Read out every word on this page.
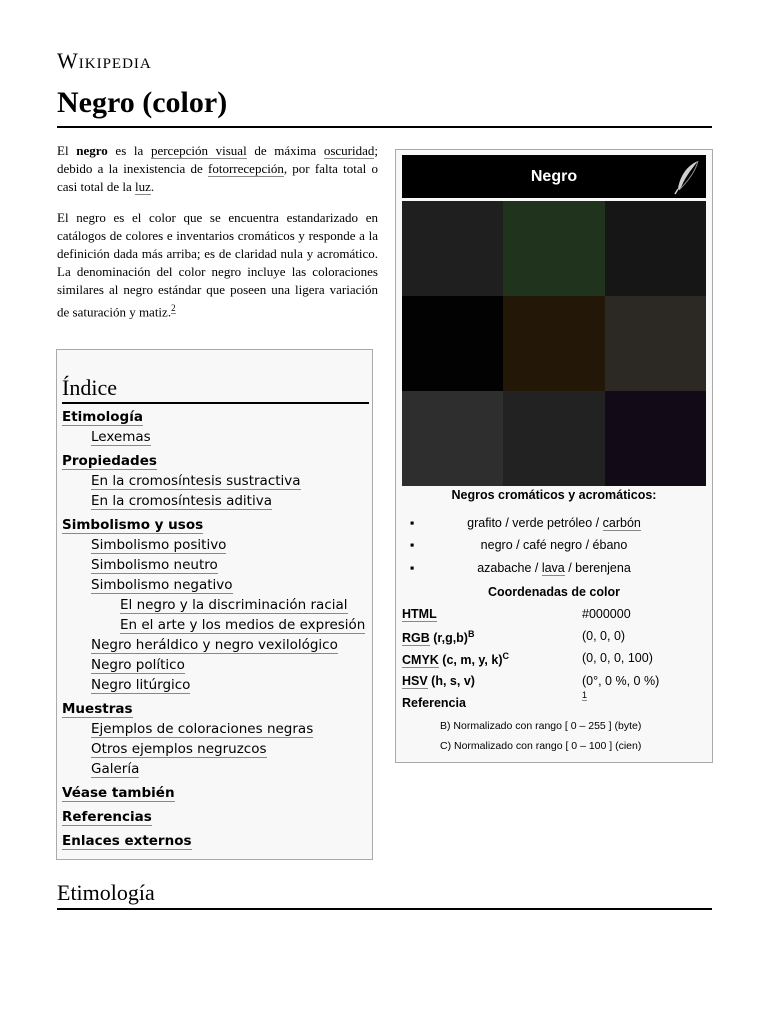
Wikipedia
Negro (color)

El negro es la percepción visual de máxima oscuridad; debido a la inexistencia de fotorrecepción, por falta total o casi total de la luz.

El negro es el color que se encuentra estandarizado en catálogos de colores e inventarios cromáticos y responde a la definición dada más arriba; es de claridad nula y acromático. La denominación del color negro incluye las coloraciones similares al negro estándar que poseen una ligera variación de saturación y matiz.$^2$

Índice
Etimología
Lexemas
Propiedades
En la cromosíntesis sustractiva
En la cromosíntesis aditiva
Simbolismo y usos
Simbolismo positivo
Simbolismo neutro
Simbolismo negativo
El negro y la discriminación racial
En el arte y los medios de expresión
Negro heráldico y negro vexilológico
Negro político
Negro litúrgico
Muestras
Ejemplos de coloraciones negras
Otros ejemplos negruzcos
Galería
Véase también
Referencias
Enlaces externos
Negro
Negros cromáticos y acromáticos:
▪	grafito / verde petróleo / carbón
▪	negro / café negro / ébano
▪	azabache / lava / berenjena
Coordenadas de color
HTML	#000000
RGB $(r,g,b)^B$	(0, 0, 0)
CMYK (c, m, y, k)$^C$	(0, 0, 0, 100)
HSV (h, s, v)	(0°, 0 %, 0 %)
Referencia
$^1$
B) Normalizado con rango [ 0 – 255 ] (byte)
C) Normalizado con rango [ 0 – 100 ] (cien)
Etimología
